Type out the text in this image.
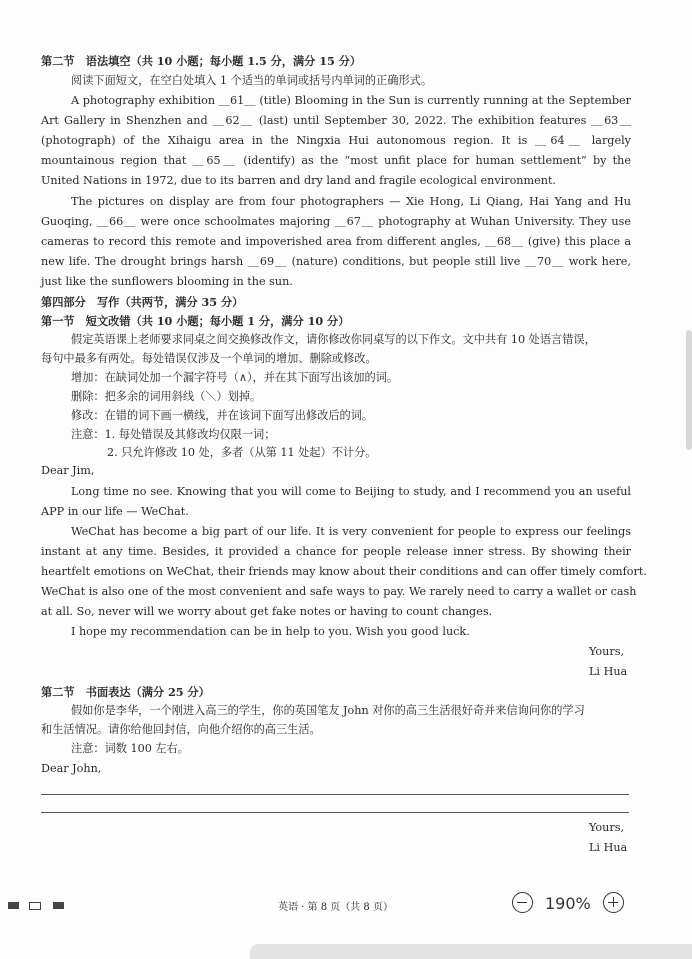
第二节　语法填空（共 10 小题；每小题 1.5 分，满分 15 分）
阅读下面短文，在空白处填入 1 个适当的单词或括号内单词的正确形式。
A photography exhibition ＿61＿ (title) Blooming in the Sun is currently running at the September
Art Gallery in Shenzhen and ＿62＿ (last) until September 30, 2022. The exhibition features ＿63＿
(photograph) of the Xihaigu area in the Ningxia Hui autonomous region. It is ＿64＿ largely
mountainous region that ＿65＿ (identify) as the “most unfit place for human settlement” by the
United Nations in 1972, due to its barren and dry land and fragile ecological environment.
The pictures on display are from four photographers — Xie Hong, Li Qiang, Hai Yang and Hu
Guoqing, ＿66＿ were once schoolmates majoring ＿67＿ photography at Wuhan University. They use
cameras to record this remote and impoverished area from different angles, ＿68＿ (give) this place a
new life. The drought brings harsh ＿69＿ (nature) conditions, but people still live ＿70＿ work here,
just like the sunflowers blooming in the sun.
第四部分　写作（共两节，满分 35 分）
第一节　短文改错（共 10 小题；每小题 1 分，满分 10 分）
假定英语课上老师要求同桌之间交换修改作文，请你修改你同桌写的以下作文。文中共有 10 处语言错误，
每句中最多有两处。每处错误仅涉及一个单词的增加、删除或修改。
增加：在缺词处加一个漏字符号（∧），并在其下面写出该加的词。
删除：把多余的词用斜线（＼）划掉。
修改：在错的词下画一横线，并在该词下面写出修改后的词。
注意：1. 每处错误及其修改均仅限一词；
2. 只允许修改 10 处，多者（从第 11 处起）不计分。
Dear Jim,
Long time no see. Knowing that you will come to Beijing to study, and I recommend you an useful
APP in our life — WeChat.
WeChat has become a big part of our life. It is very convenient for people to express our feelings
instant at any time. Besides, it provided a chance for people release inner stress. By showing their
heartfelt emotions on WeChat, their friends may know about their conditions and can offer timely comfort.
WeChat is also one of the most convenient and safe ways to pay. We rarely need to carry a wallet or cash
at all. So, never will we worry about get fake notes or having to count changes.
I hope my recommendation can be in help to you. Wish you good luck.
Yours,
Li Hua
第二节　书面表达（满分 25 分）
假如你是李华，一个刚进入高三的学生，你的英国笔友 John 对你的高三生活很好奇并来信询问你的学习
和生活情况。请你给他回封信，向他介绍你的高三生活。
注意：词数 100 左右。
Dear John,
Yours,
Li Hua
英语 · 第 8 页（共 8 页）	190%
